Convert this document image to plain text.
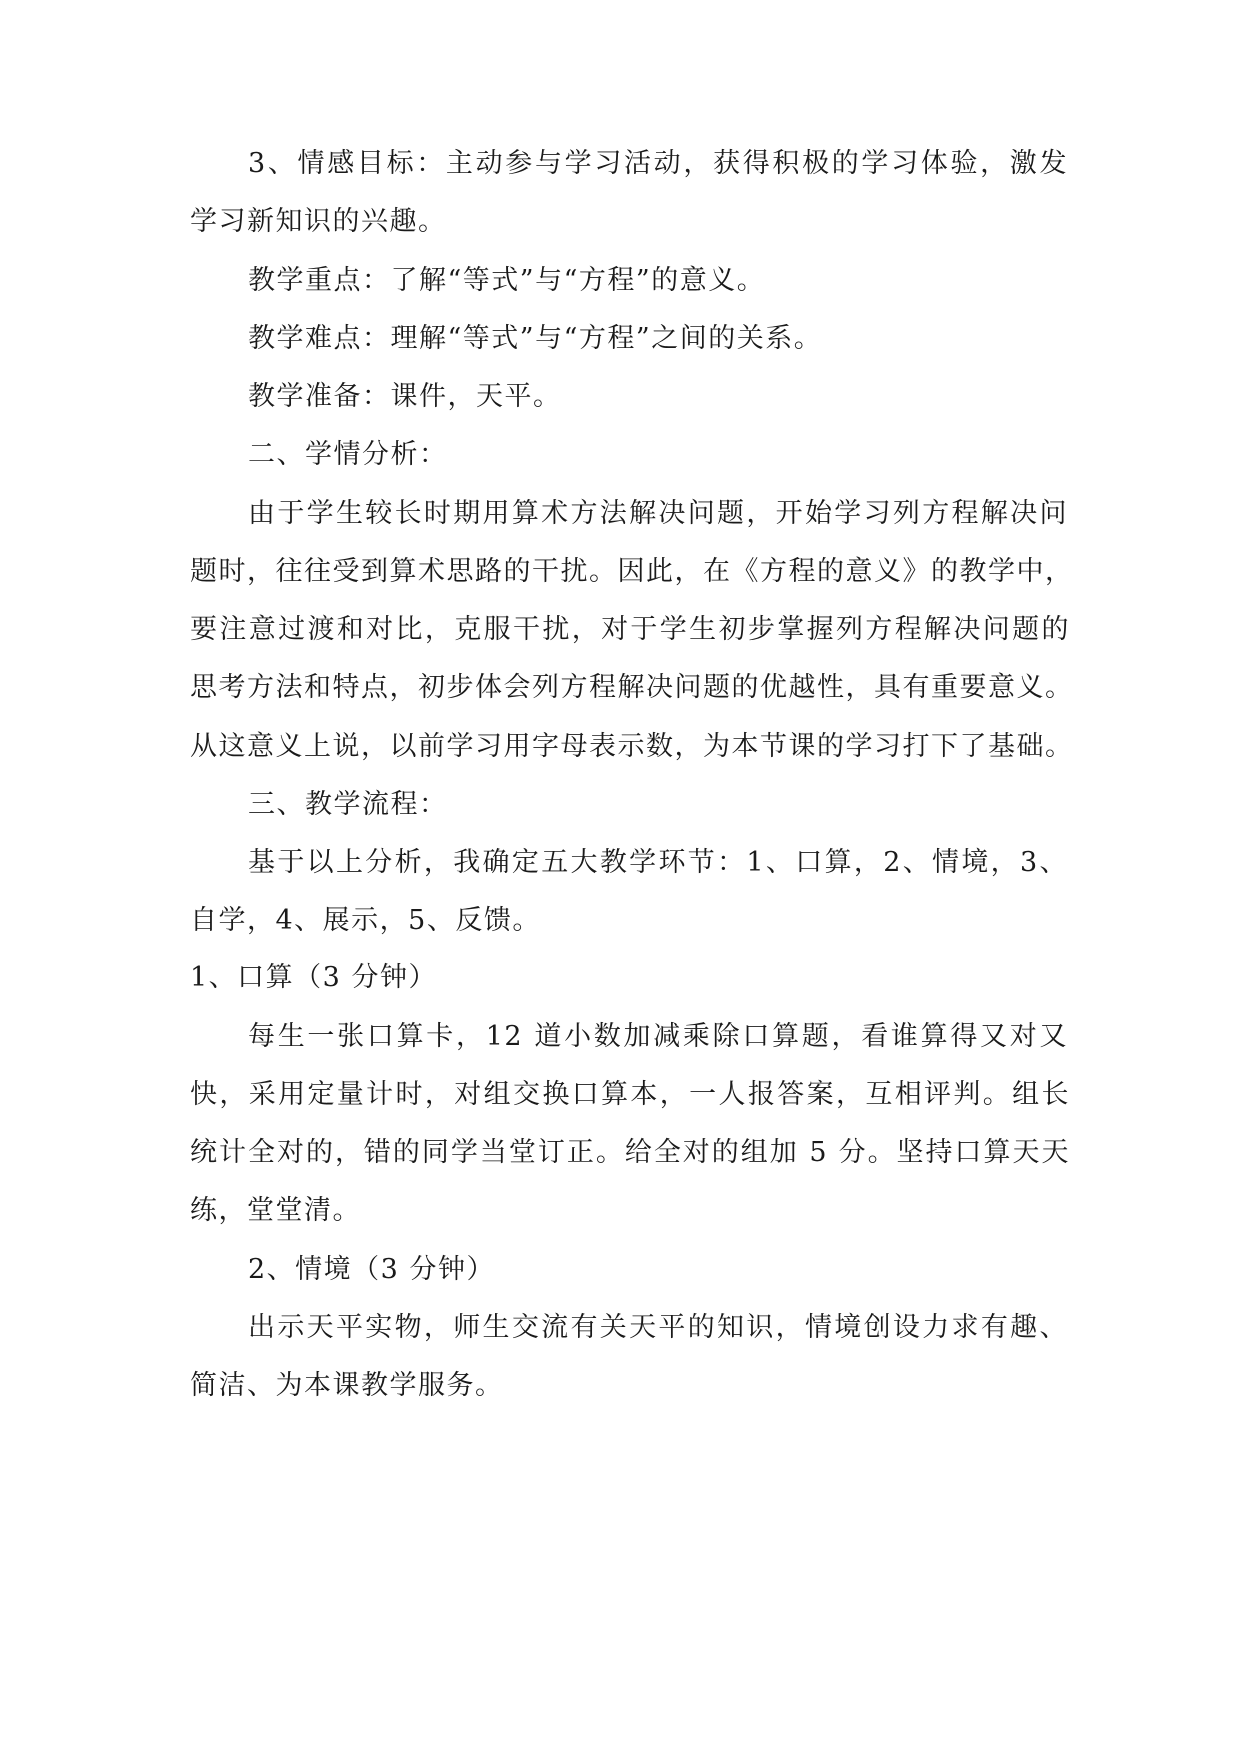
3、情感目标：主动参与学习活动，获得积极的学习体验，激发
学习新知识的兴趣。
教学重点：了解“等式”与“方程”的意义。
教学难点：理解“等式”与“方程”之间的关系。
教学准备：课件，天平。
二、学情分析：
由于学生较长时期用算术方法解决问题，开始学习列方程解决问
题时，往往受到算术思路的干扰。因此，在《方程的意义》的教学中，
要注意过渡和对比，克服干扰，对于学生初步掌握列方程解决问题的
思考方法和特点，初步体会列方程解决问题的优越性，具有重要意义。
从这意义上说，以前学习用字母表示数，为本节课的学习打下了基础。
三、教学流程：
基于以上分析，我确定五大教学环节：1、口算，2、情境，3、
自学，4、展示，5、反馈。
1、口算（3 分钟）
每生一张口算卡，12 道小数加减乘除口算题，看谁算得又对又
快，采用定量计时，对组交换口算本，一人报答案，互相评判。组长
统计全对的，错的同学当堂订正。给全对的组加 5 分。坚持口算天天
练，堂堂清。
2、情境（3 分钟）
出示天平实物，师生交流有关天平的知识，情境创设力求有趣、
简洁、为本课教学服务。
